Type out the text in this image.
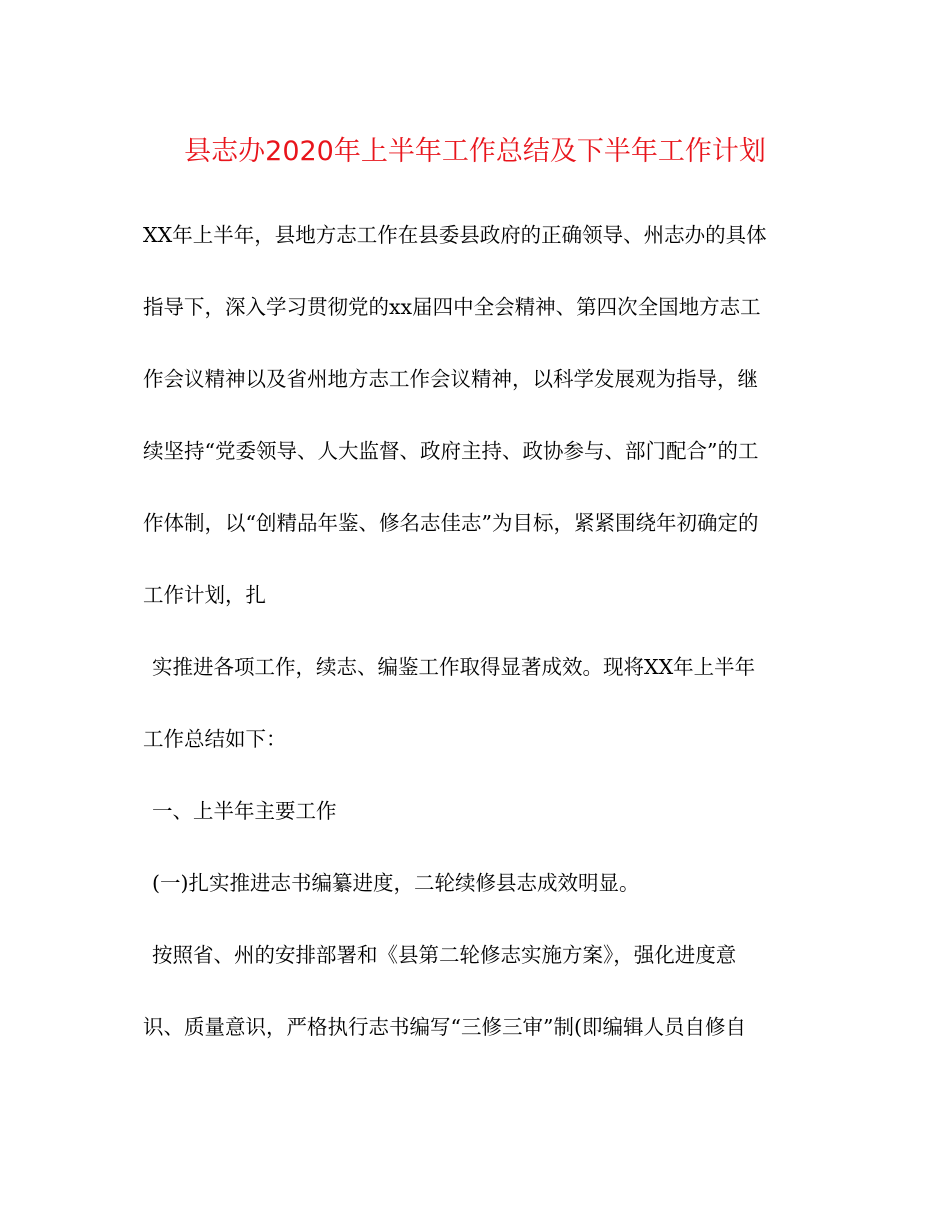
县志办2020年上半年工作总结及下半年工作计划
XX年上半年，县地方志工作在县委县政府的正确领导、州志办的具体
指导下，深入学习贯彻党的xx届四中全会精神、第四次全国地方志工
作会议精神以及省州地方志工作会议精神，以科学发展观为指导，继
续坚持“党委领导、人大监督、政府主持、政协参与、部门配合”的工
作体制，以“创精品年鉴、修名志佳志”为目标，紧紧围绕年初确定的
工作计划，扎
实推进各项工作，续志、编鉴工作取得显著成效。现将XX年上半年
工作总结如下：
一、上半年主要工作
(一)扎实推进志书编纂进度，二轮续修县志成效明显。
按照省、州的安排部署和《县第二轮修志实施方案》，强化进度意
识、质量意识，严格执行志书编写“三修三审”制(即编辑人员自修自
